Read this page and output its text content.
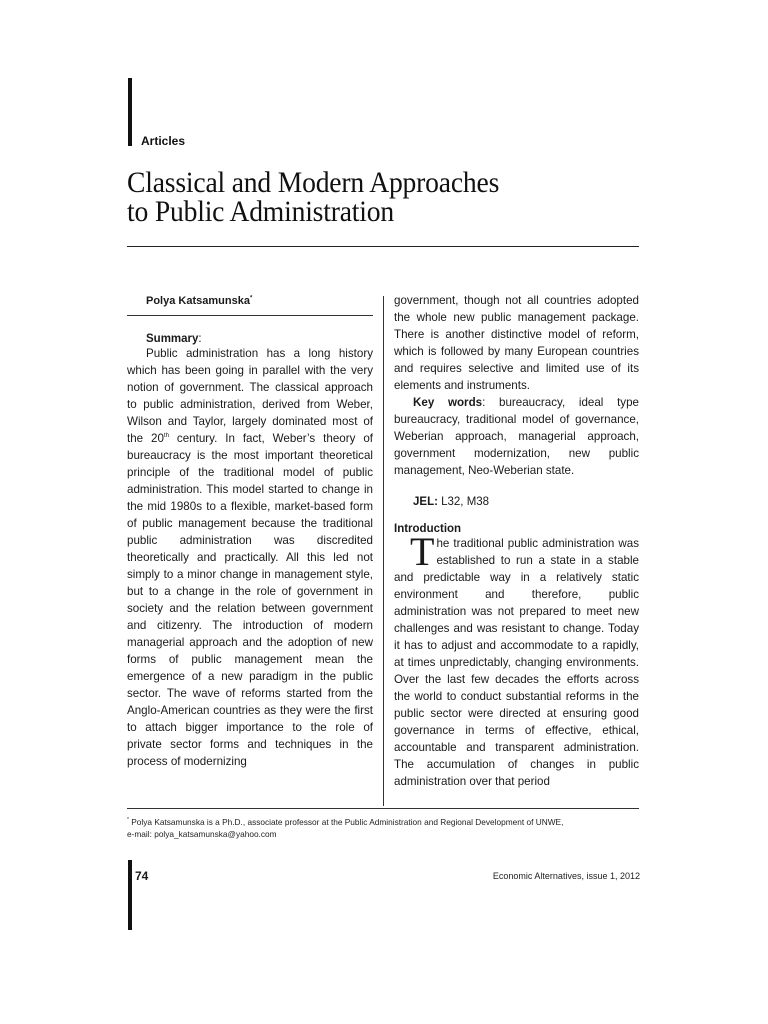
Articles
Classical and Modern Approaches
to Public Administration
Polya Katsamunska*
Summary:

Public administration has a long history which has been going in parallel with the very notion of government. The classical approach to public administration, derived from Weber, Wilson and Taylor, largely dominated most of the 20th century. In fact, Weber’s theory of bureaucracy is the most important theoretical principle of the traditional model of public administration. This model started to change in the mid 1980s to a flexible, market-based form of public management because the traditional public administration was discredited theoretically and practically. All this led not simply to a minor change in management style, but to a change in the role of government in society and the relation between government and citizenry. The introduction of modern managerial approach and the adoption of new forms of public management mean the emergence of a new paradigm in the public sector. The wave of reforms started from the Anglo-American countries as they were the first to attach bigger importance to the role of private sector forms and techniques in the process of modernizing

government, though not all countries adopted the whole new public management package. There is another distinctive model of reform, which is followed by many European countries and requires selective and limited use of its elements and instruments.

Key words: bureaucracy, ideal type bureaucracy, traditional model of governance, Weberian approach, managerial approach, government modernization, new public management, Neo-Weberian state.

JEL: L32, M38
Introduction

The traditional public administration was established to run a state in a stable and predictable way in a relatively static environment and therefore, public administration was not prepared to meet new challenges and was resistant to change. Today it has to adjust and accommodate to a rapidly, at times unpredictably, changing environments. Over the last few decades the efforts across the world to conduct substantial reforms in the public sector were directed at ensuring good governance in terms of effective, ethical, accountable and transparent administration. The accumulation of changes in public administration over that period

* Polya Katsamunska is a Ph.D., associate professor at the Public Administration and Regional Development of UNWE,
e-mail: polya_katsamunska@yahoo.com
74	Economic Alternatives, issue 1, 2012
